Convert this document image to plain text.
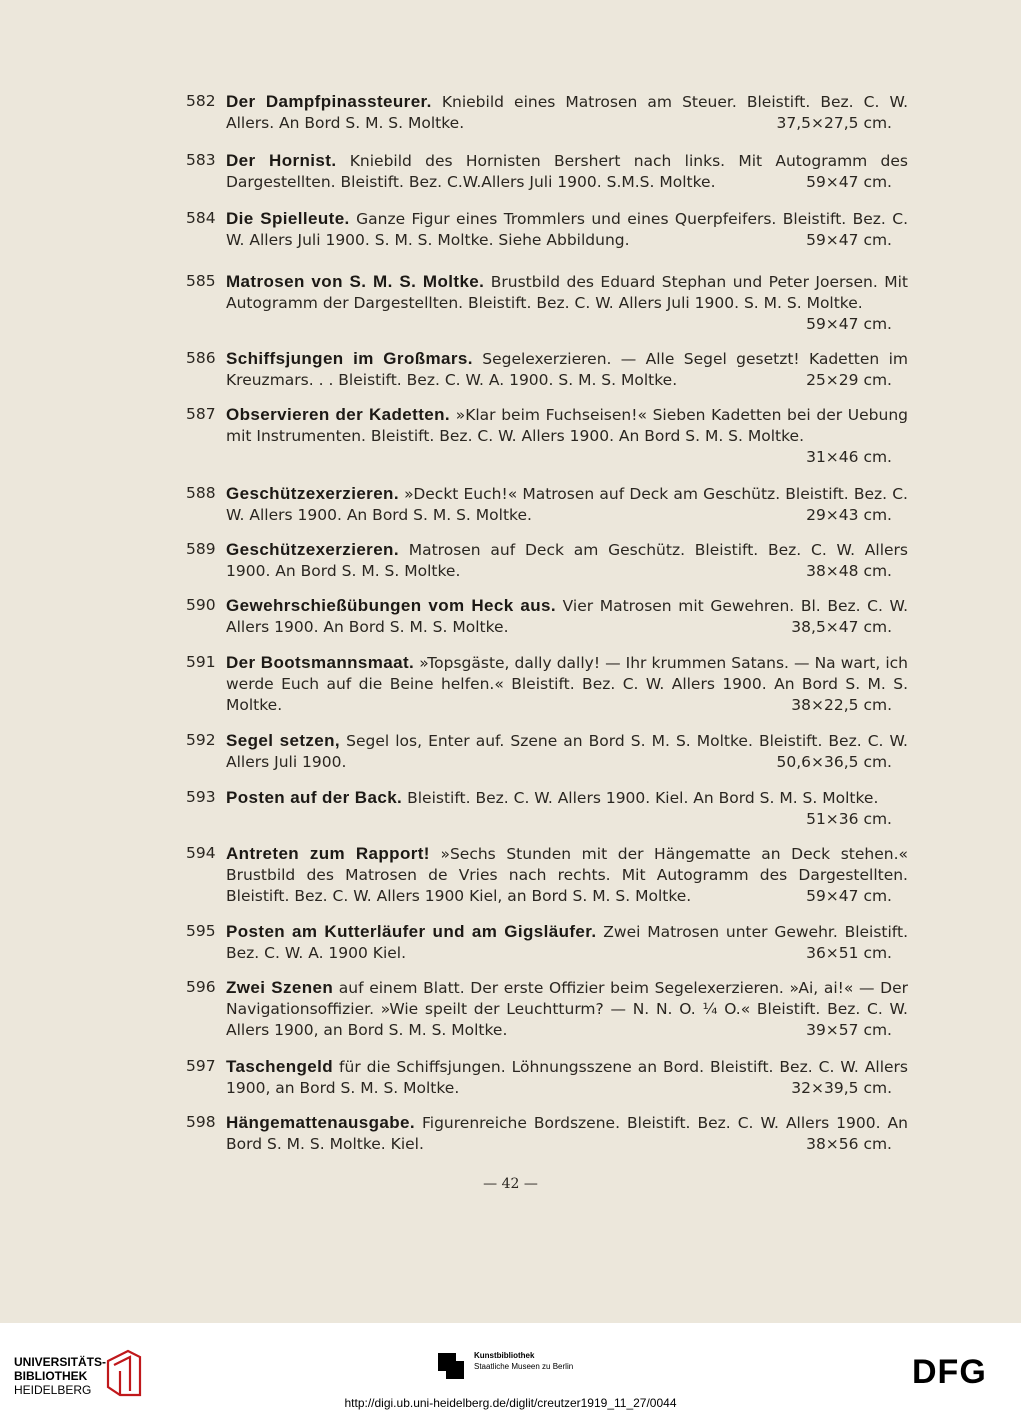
582 Der Dampfpinassteurer. Kniebild eines Matrosen am Steuer. Bleistift. Bez. C. W. Allers. An Bord S. M. S. Moltke.	37,5×27,5 cm.
583 Der Hornist. Kniebild des Hornisten Bershert nach links. Mit Autogramm des Dargestellten. Bleistift. Bez. C.W.Allers Juli 1900. S.M.S. Moltke.	59×47 cm.
584 Die Spielleute. Ganze Figur eines Trommlers und eines Querpfeifers. Bleistift. Bez. C. W. Allers Juli 1900. S. M. S. Moltke. Siehe Abbildung.	59×47 cm.
585 Matrosen von S. M. S. Moltke. Brustbild des Eduard Stephan und Peter Joersen. Mit Autogramm der Dargestellten. Bleistift. Bez. C. W. Allers Juli 1900. S. M. S. Moltke.
59×47 cm.
586 Schiffsjungen im Großmars. Segelexerzieren. — Alle Segel gesetzt! Kadetten im Kreuzmars. . . Bleistift. Bez. C. W. A. 1900. S. M. S. Moltke.	25×29 cm.
587 Observieren der Kadetten. »Klar beim Fuchseisen!« Sieben Kadetten bei der Uebung mit Instrumenten. Bleistift. Bez. C. W. Allers 1900. An Bord S. M. S. Moltke.
31×46 cm.
588 Geschützexerzieren. »Deckt Euch!« Matrosen auf Deck am Geschütz. Bleistift. Bez. C. W. Allers 1900. An Bord S. M. S. Moltke.	29×43 cm.
589 Geschützexerzieren. Matrosen auf Deck am Geschütz. Bleistift. Bez. C. W. Allers 1900. An Bord S. M. S. Moltke.	38×48 cm.
590 Gewehrschießübungen vom Heck aus. Vier Matrosen mit Gewehren. Bl. Bez. C. W. Allers 1900. An Bord S. M. S. Moltke.	38,5×47 cm.
591 Der Bootsmannsmaat. »Topsgäste, dally dally! — Ihr krummen Satans. — Na wart, ich werde Euch auf die Beine helfen.« Bleistift. Bez. C. W. Allers 1900. An Bord S. M. S. Moltke.	38×22,5 cm.
592 Segel setzen, Segel los, Enter auf. Szene an Bord S. M. S. Moltke. Bleistift. Bez. C. W. Allers Juli 1900.	50,6×36,5 cm.
593 Posten auf der Back. Bleistift. Bez. C. W. Allers 1900. Kiel. An Bord S. M. S. Moltke.
51×36 cm.
594 Antreten zum Rapport! »Sechs Stunden mit der Hängematte an Deck stehen.« Brustbild des Matrosen de Vries nach rechts. Mit Autogramm des Dargestellten. Bleistift. Bez. C. W. Allers 1900 Kiel, an Bord S. M. S. Moltke.	59×47 cm.
595 Posten am Kutterläufer und am Gigsläufer. Zwei Matrosen unter Gewehr. Bleistift. Bez. C. W. A. 1900 Kiel.	36×51 cm.
596 Zwei Szenen auf einem Blatt. Der erste Offizier beim Segelexerzieren. »Ai, ai!« — Der Navigationsoffizier. »Wie speilt der Leuchtturm? — N. N. O. ¼ O.« Bleistift. Bez. C. W. Allers 1900, an Bord S. M. S. Moltke.	39×57 cm.
597 Taschengeld für die Schiffsjungen. Löhnungsszene an Bord. Bleistift. Bez. C. W. Allers 1900, an Bord S. M. S. Moltke.	32×39,5 cm.
598 Hängemattenausgabe. Figurenreiche Bordszene. Bleistift. Bez. C. W. Allers 1900. An Bord S. M. S. Moltke. Kiel.	38×56 cm.
— 42 —
UNIVERSITÄTS-
BIBLIOTHEK
HEIDELBERG
Kunstbibliothek
Staatliche Museen zu Berlin	DFG
http://digi.ub.uni-heidelberg.de/diglit/creutzer1919_11_27/0044
